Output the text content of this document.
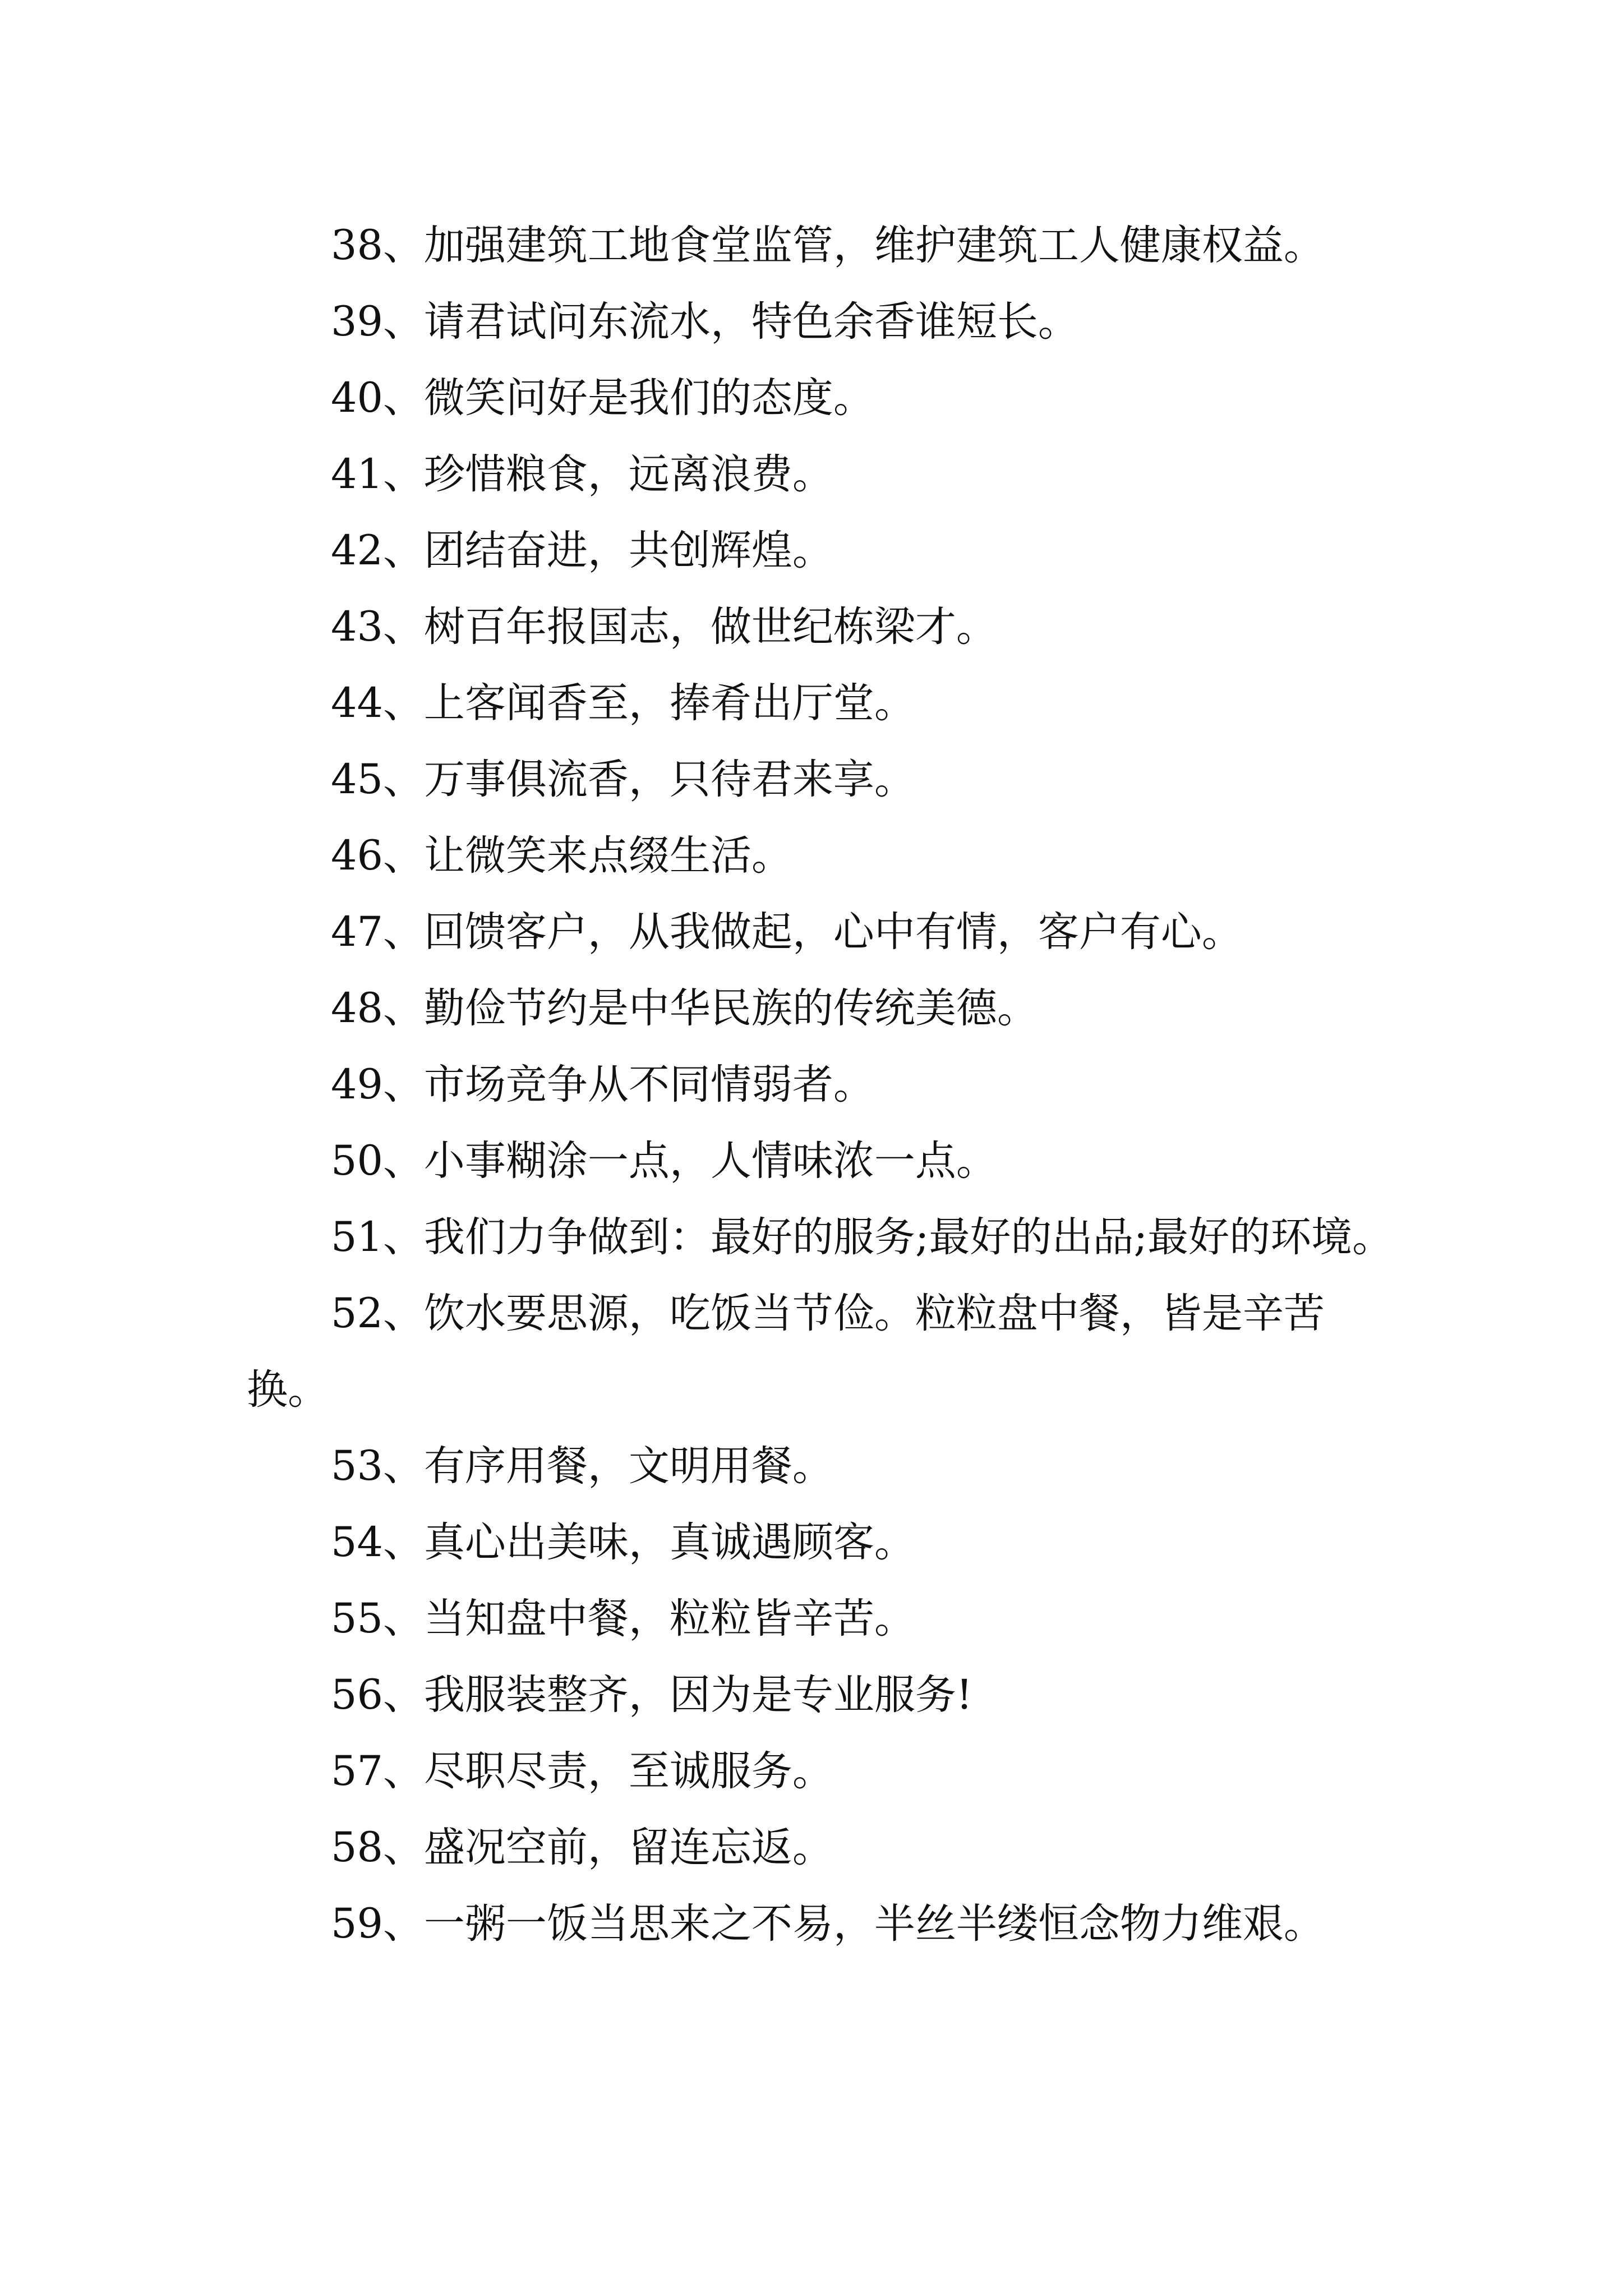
38、加强建筑工地食堂监管，维护建筑工人健康权益。

39、请君试问东流水，特色余香谁短长。

40、微笑问好是我们的态度。

41、珍惜粮食，远离浪费。

42、团结奋进，共创辉煌。

43、树百年报国志，做世纪栋梁才。

44、上客闻香至，捧肴出厅堂。

45、万事俱流香，只待君来享。

46、让微笑来点缀生活。

47、回馈客户，从我做起，心中有情，客户有心。

48、勤俭节约是中华民族的传统美德。

49、市场竞争从不同情弱者。

50、小事糊涂一点，人情味浓一点。

51、我们力争做到：最好的服务;最好的出品;最好的环境。

52、饮水要思源，吃饭当节俭。粒粒盘中餐，皆是辛苦换。

53、有序用餐，文明用餐。

54、真心出美味，真诚遇顾客。

55、当知盘中餐，粒粒皆辛苦。

56、我服装整齐，因为是专业服务!

57、尽职尽责，至诚服务。

58、盛况空前，留连忘返。

59、一粥一饭当思来之不易，半丝半缕恒念物力维艰。
